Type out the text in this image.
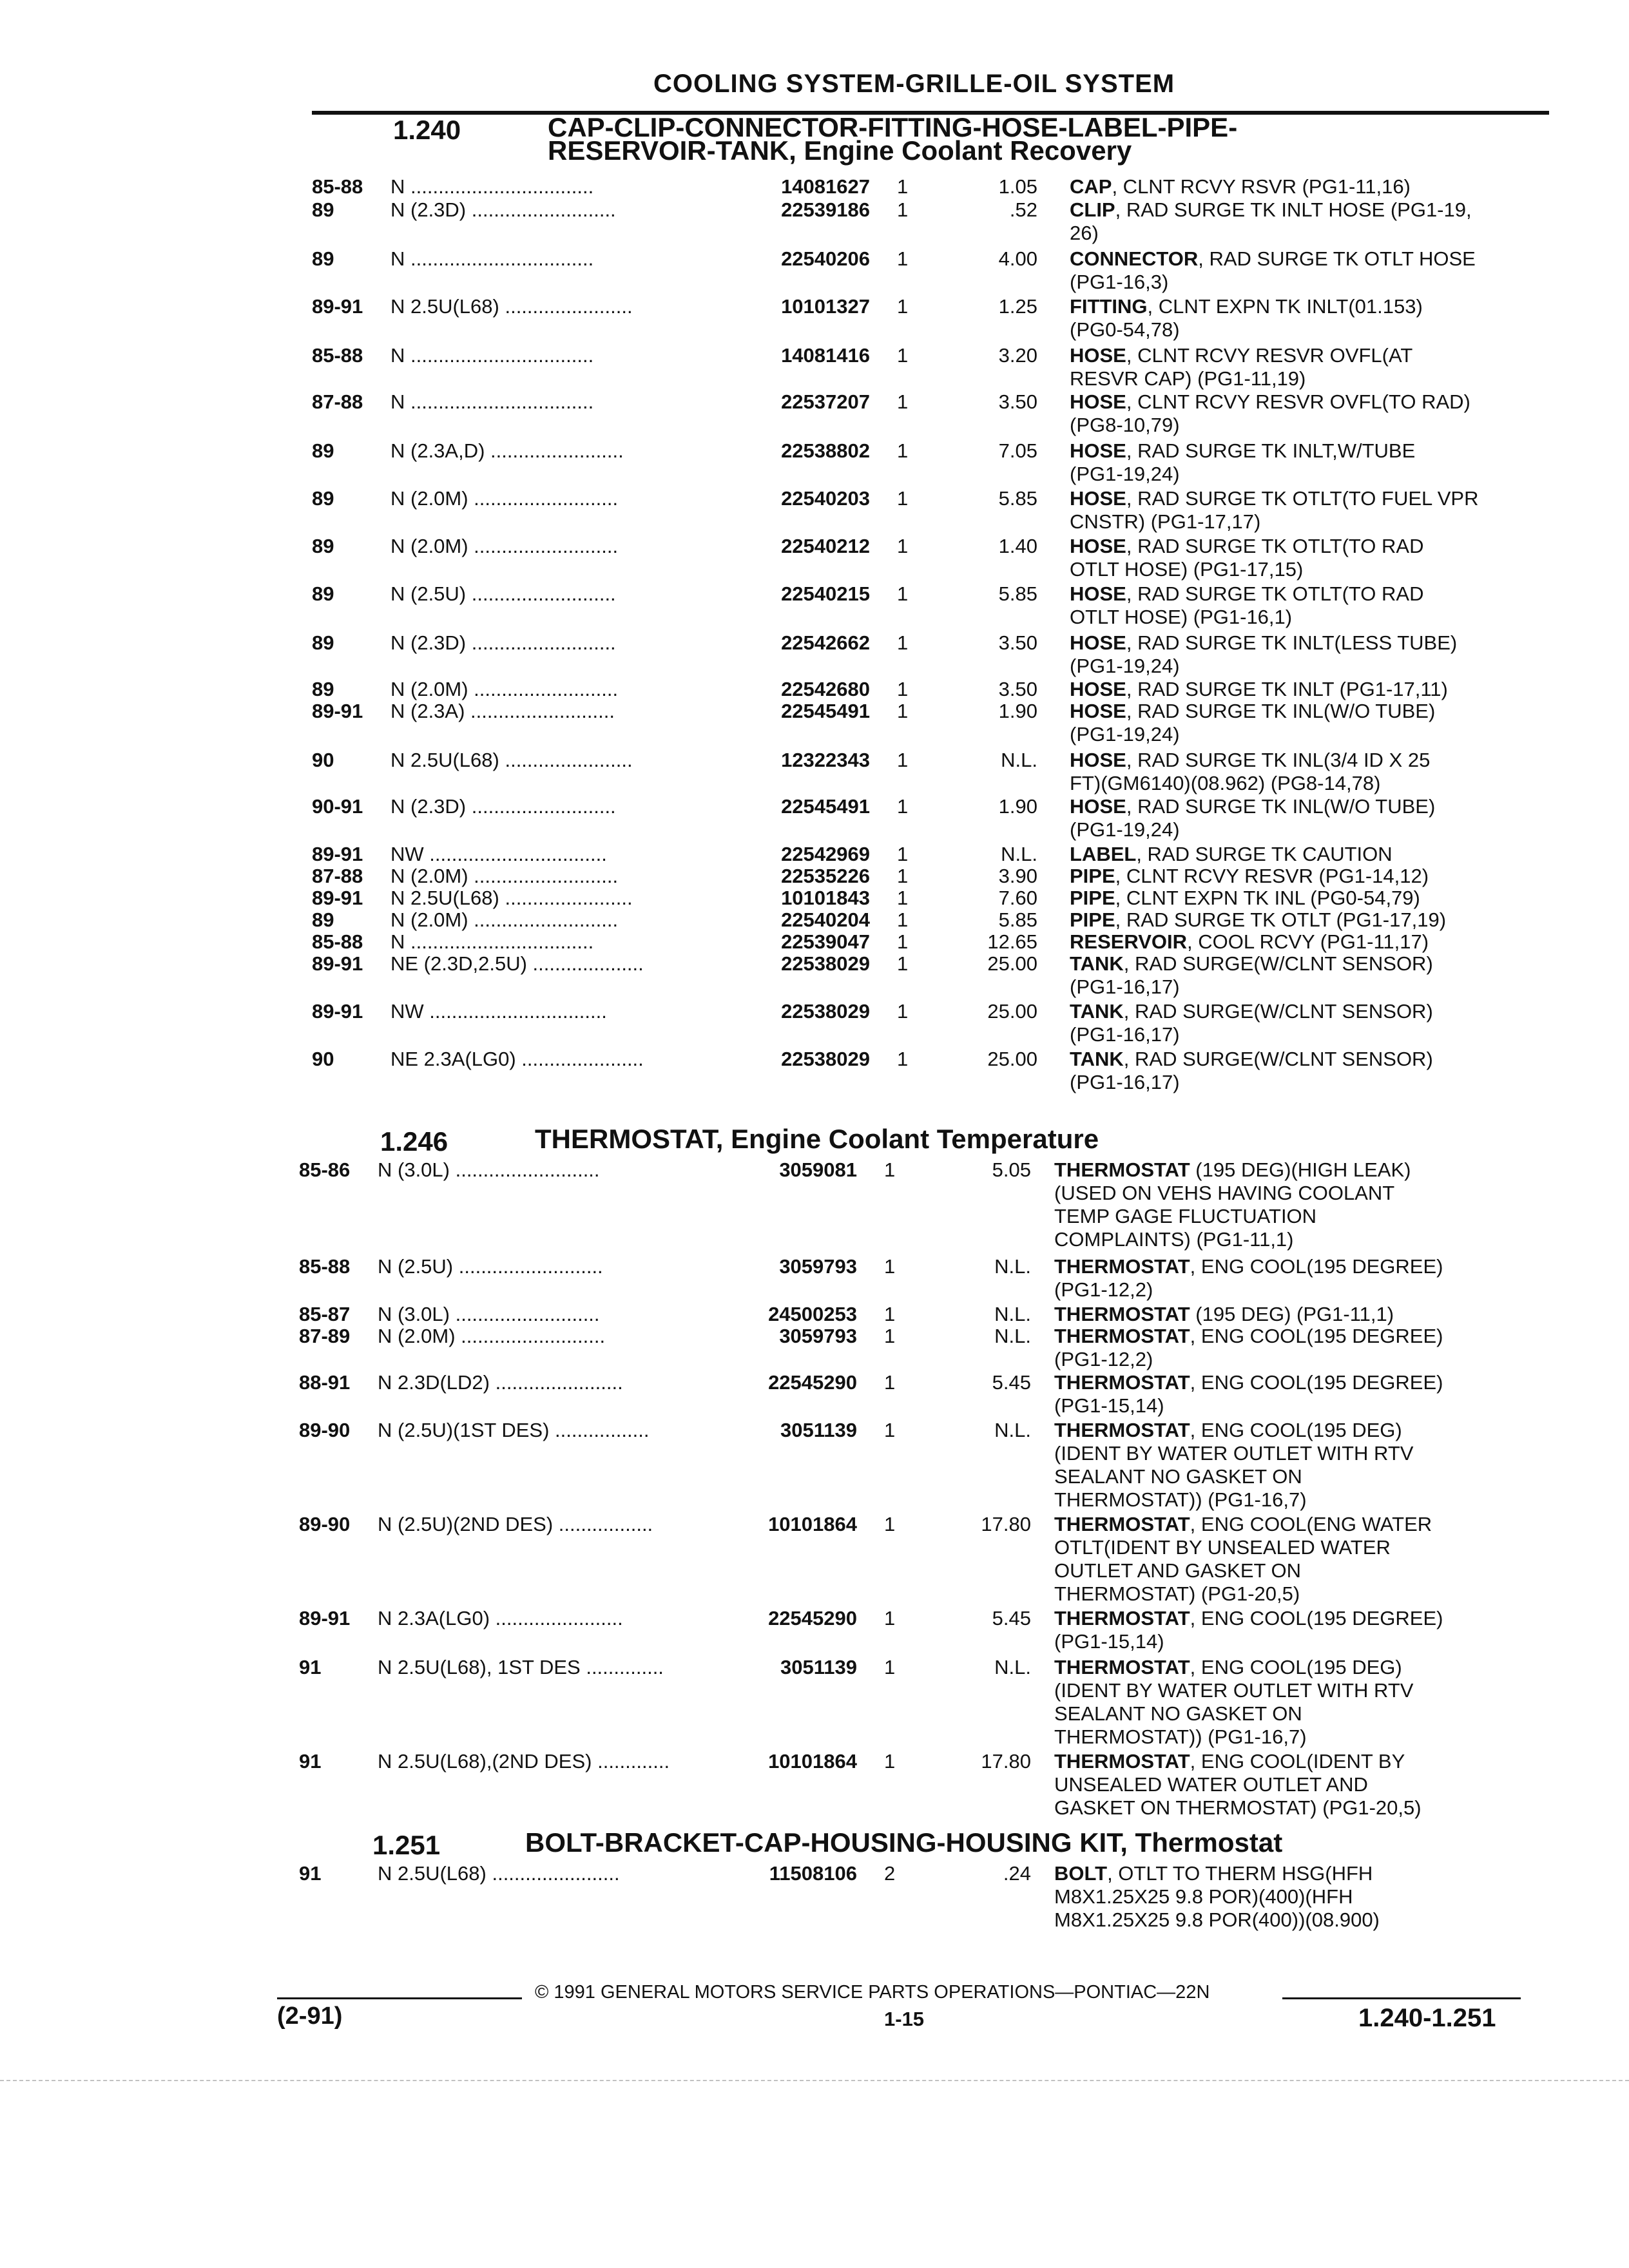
COOLING SYSTEM-GRILLE-OIL SYSTEM
1.240	CAP-CLIP-CONNECTOR-FITTING-HOSE-LABEL-PIPE-
RESERVOIR-TANK, Engine Coolant Recovery
85-88 N .................................	14081627 1	1.05 CAP, CLNT RCVY RSVR (PG1-11,16)
89	N (2.3D) ..........................	22539186 1	.52 CLIP, RAD SURGE TK INLT HOSE (PG1-19,
26)
89	N .................................	22540206 1	4.00 CONNECTOR, RAD SURGE TK OTLT HOSE
(PG1-16,3)
89-91 N 2.5U(L68) .......................	10101327 1	1.25 FITTING, CLNT EXPN TK INLT(01.153)
(PG0-54,78)
85-88 N .................................	14081416 1	3.20 HOSE, CLNT RCVY RESVR OVFL(AT
RESVR CAP) (PG1-11,19)
87-88 N .................................	22537207 1	3.50 HOSE, CLNT RCVY RESVR OVFL(TO RAD)
(PG8-10,79)
89	N (2.3A,D) ........................	22538802 1	7.05 HOSE, RAD SURGE TK INLT,W/TUBE
(PG1-19,24)
89	N (2.0M) ..........................	22540203 1	5.85 HOSE, RAD SURGE TK OTLT(TO FUEL VPR
CNSTR) (PG1-17,17)
89	N (2.0M) ..........................	22540212 1	1.40 HOSE, RAD SURGE TK OTLT(TO RAD
OTLT HOSE) (PG1-17,15)
89	N (2.5U) ..........................	22540215 1	5.85 HOSE, RAD SURGE TK OTLT(TO RAD
OTLT HOSE) (PG1-16,1)
89	N (2.3D) ..........................	22542662 1	3.50 HOSE, RAD SURGE TK INLT(LESS TUBE)
(PG1-19,24)
89	N (2.0M) ..........................	22542680 1	3.50 HOSE, RAD SURGE TK INLT (PG1-17,11)
89-91 N (2.3A) ..........................	22545491 1	1.90 HOSE, RAD SURGE TK INL(W/O TUBE)
(PG1-19,24)
90	N 2.5U(L68) .......................	12322343 1	N.L. HOSE, RAD SURGE TK INL(3/4 ID X 25
FT)(GM6140)(08.962) (PG8-14,78)
90-91 N (2.3D) ..........................	22545491 1	1.90 HOSE, RAD SURGE TK INL(W/O TUBE)
(PG1-19,24)
89-91 NW ................................	22542969 1	N.L. LABEL, RAD SURGE TK CAUTION
87-88 N (2.0M) ..........................	22535226 1	3.90 PIPE, CLNT RCVY RESVR (PG1-14,12)
89-91 N 2.5U(L68) .......................	10101843 1	7.60 PIPE, CLNT EXPN TK INL (PG0-54,79)
89	N (2.0M) ..........................	22540204 1	5.85 PIPE, RAD SURGE TK OTLT (PG1-17,19)
85-88 N .................................	22539047 1	12.65 RESERVOIR, COOL RCVY (PG1-11,17)
89-91 NE (2.3D,2.5U) ....................	22538029 1	25.00 TANK, RAD SURGE(W/CLNT SENSOR)
(PG1-16,17)
89-91 NW ................................	22538029 1	25.00 TANK, RAD SURGE(W/CLNT SENSOR)
(PG1-16,17)
90	NE 2.3A(LG0) ......................	22538029 1	25.00 TANK, RAD SURGE(W/CLNT SENSOR)
(PG1-16,17)
1.246	THERMOSTAT, Engine Coolant Temperature
85-86 N (3.0L) ..........................	3059081 1	5.05 THERMOSTAT (195 DEG)(HIGH LEAK)
(USED ON VEHS HAVING COOLANT
TEMP GAGE FLUCTUATION
COMPLAINTS) (PG1-11,1)
85-88 N (2.5U) ..........................	3059793 1	N.L. THERMOSTAT, ENG COOL(195 DEGREE)
(PG1-12,2)
85-87 N (3.0L) ..........................	24500253 1	N.L. THERMOSTAT (195 DEG) (PG1-11,1)
87-89 N (2.0M) ..........................	3059793 1	N.L. THERMOSTAT, ENG COOL(195 DEGREE)
(PG1-12,2)
88-91 N 2.3D(LD2) .......................	22545290 1	5.45 THERMOSTAT, ENG COOL(195 DEGREE)
(PG1-15,14)
89-90 N (2.5U)(1ST DES) .................	3051139 1	N.L. THERMOSTAT, ENG COOL(195 DEG)
(IDENT BY WATER OUTLET WITH RTV
SEALANT NO GASKET ON
THERMOSTAT)) (PG1-16,7)
89-90 N (2.5U)(2ND DES) .................	10101864 1	17.80 THERMOSTAT, ENG COOL(ENG WATER
OTLT(IDENT BY UNSEALED WATER
OUTLET AND GASKET ON
THERMOSTAT) (PG1-20,5)
89-91 N 2.3A(LG0) .......................	22545290 1	5.45 THERMOSTAT, ENG COOL(195 DEGREE)
(PG1-15,14)
91	N 2.5U(L68), 1ST DES ..............	3051139 1	N.L. THERMOSTAT, ENG COOL(195 DEG)
(IDENT BY WATER OUTLET WITH RTV
SEALANT NO GASKET ON
THERMOSTAT)) (PG1-16,7)
91	N 2.5U(L68),(2ND DES) .............	10101864 1	17.80 THERMOSTAT, ENG COOL(IDENT BY
UNSEALED WATER OUTLET AND
GASKET ON THERMOSTAT) (PG1-20,5)
1.251	BOLT-BRACKET-CAP-HOUSING-HOUSING KIT, Thermostat
91	N 2.5U(L68) .......................	11508106 2	.24 BOLT, OTLT TO THERM HSG(HFH
M8X1.25X25 9.8 POR)(400)(HFH
M8X1.25X25 9.8 POR(400))(08.900)
© 1991 GENERAL MOTORS SERVICE PARTS OPERATIONS—PONTIAC—22N
(2-91)	1-15	1.240-1.251
